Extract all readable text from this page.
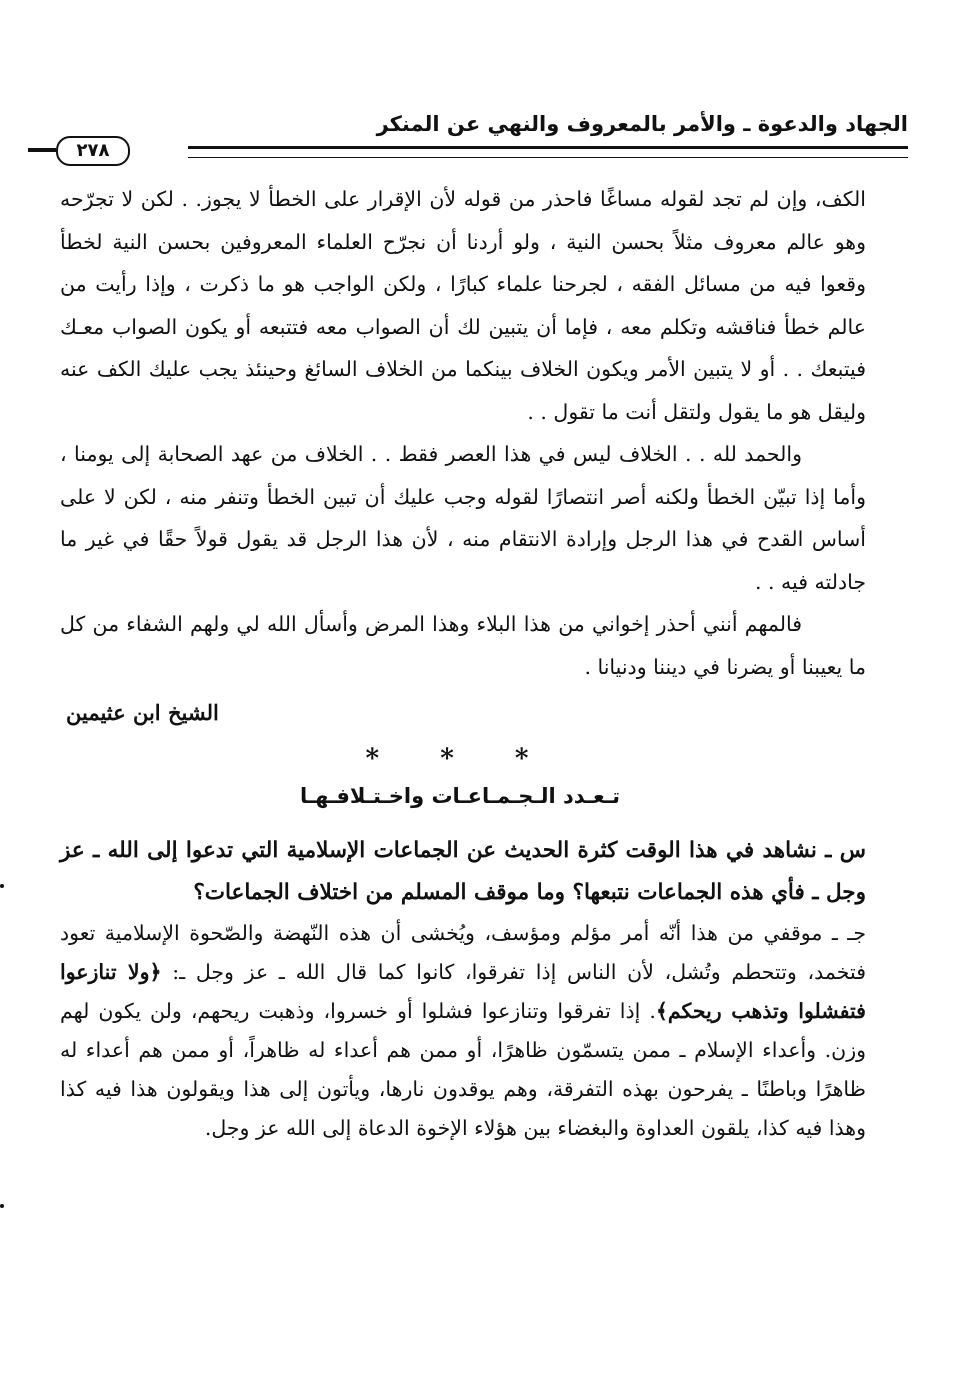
الجهاد والدعوة ـ والأمر بالمعروف والنهي عن المنكر
٢٧٨

الكف، وإن لم تجد لقوله مساغًا فاحذر من قوله لأن الإقرار على الخطأ لا يجوز. . لكن لا تجرّحه وهو عالم معروف مثلاً بحسن النية ، ولو أردنا أن نجرّح العلماء المعروفين بحسن النية لخطأ وقعوا فيه من مسائل الفقه ، لجرحنا علماء كبارًا ، ولكن الواجب هو ما ذكرت ، وإذا رأيت من عالم خطأ فناقشه وتكلم معه ، فإما أن يتبين لك أن الصواب معه فتتبعه أو يكون الصواب معـك فيتبعك . . أو لا يتبين الأمر ويكون الخلاف بينكما من الخلاف السائغ وحينئذ يجب عليك الكف عنه وليقل هو ما يقول ولتقل أنت ما تقول . .

والحمد لله . . الخلاف ليس في هذا العصر فقط . . الخلاف من عهد الصحابة إلى يومنا ، وأما إذا تبيّن الخطأ ولكنه أصر انتصارًا لقوله وجب عليك أن تبين الخطأ وتنفر منه ، لكن لا على أساس القدح في هذا الرجل وإرادة الانتقام منه ، لأن هذا الرجل قد يقول قولاً حقًا في غير ما جادلته فيه . .

فالمهم أنني أحذر إخواني من هذا البلاء وهذا المرض وأسأل الله لي ولهم الشفاء من كل ما يعيبنا أو يضرنا في ديننا ودنيانا .

الشيخ ابن عثيمين
* * *
تـعـدد الـجـمـاعـات واخـتـلافـهـا

س ـ نشاهد في هذا الوقت كثرة الحديث عن الجماعات الإسلامية التي تدعوا إلى الله ـ عز وجل ـ فأي هذه الجماعات نتبعها؟ وما موقف المسلم من اختلاف الجماعات؟

جـ ـ موقفي من هذا أنّه أمر مؤلم ومؤسف، ويُخشى أن هذه النّهضة والصّحوة الإسلامية تعود فتخمد، وتتحطم وتُشل، لأن الناس إذا تفرقوا، كانوا كما قال الله ـ عز وجل ـ: ﴿ولا تنازعوا فتفشلوا وتذهب ريحكم﴾. إذا تفرقوا وتنازعوا فشلوا أو خسروا، وذهبت ريحهم، ولن يكون لهم وزن. وأعداء الإسلام ـ ممن يتسمّون ظاهرًا، أو ممن هم أعداء له ظاهراً، أو ممن هم أعداء له ظاهرًا وباطنًا ـ يفرحون بهذه التفرقة، وهم يوقدون نارها، ويأتون إلى هذا ويقولون هذا فيه كذا وهذا فيه كذا، يلقون العداوة والبغضاء بين هؤلاء الإخوة الدعاة إلى الله عز وجل.
